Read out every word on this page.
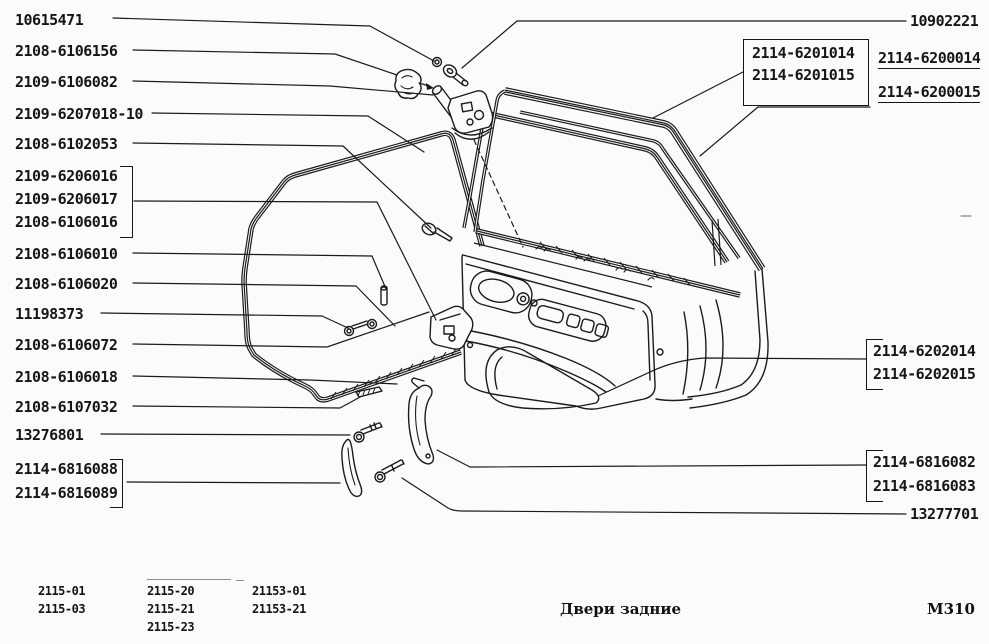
10615471
2108-6106156
2109-6106082
2109-6207018-10
2108-6102053
2109-6206016
2109-6206017
2108-6106016
2108-6106010
2108-6106020
11198373
2108-6106072
2108-6106018
2108-6107032
13276801
2114-6816088
2114-6816089
10902221
2114-6201014
2114-6201015
2114-6200014
2114-6200015
2114-6202014
2114-6202015
2114-6816082
2114-6816083
13277701
2115-01
2115-03
2115-20
2115-21
2115-23
21153-01
21153-21	Двери задние	М310
